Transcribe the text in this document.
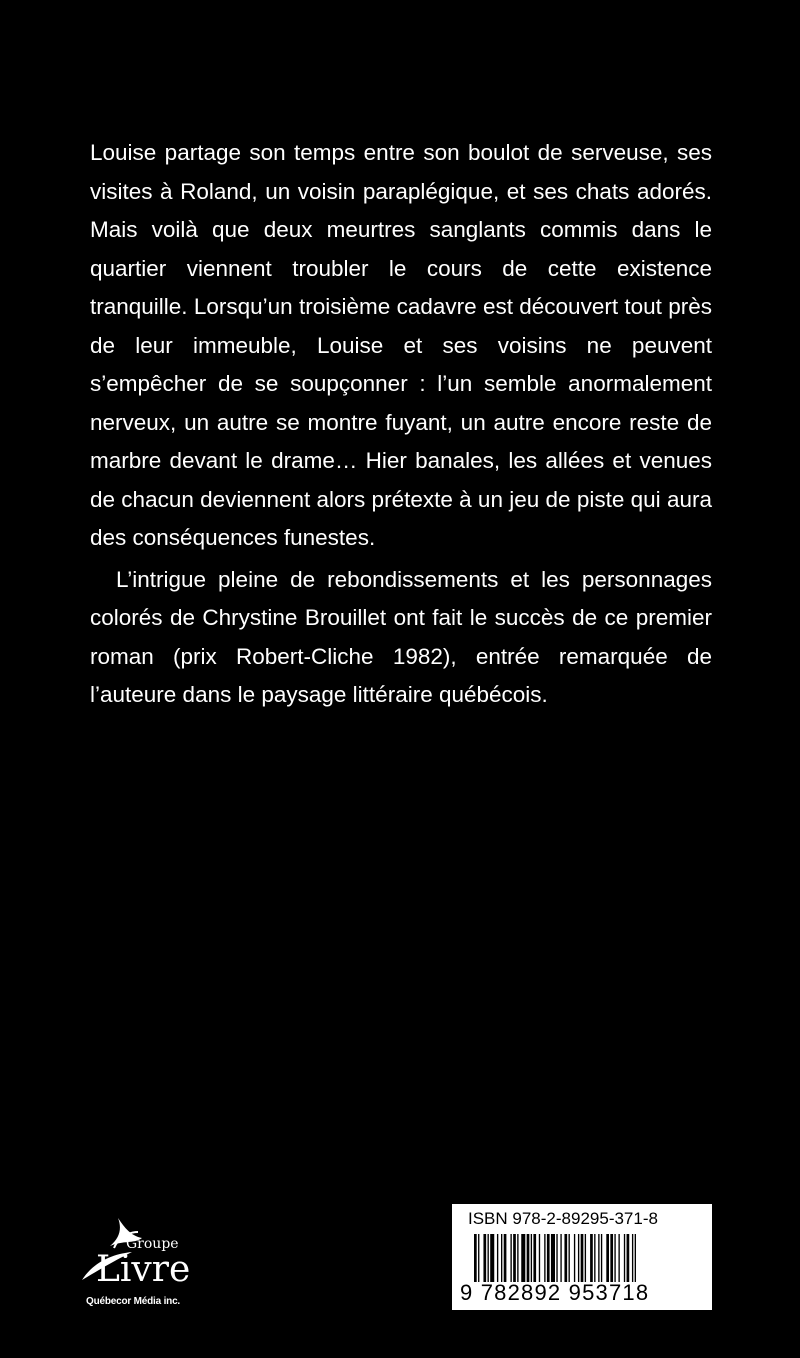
Louise partage son temps entre son boulot de serveuse, ses visites à Roland, un voisin paraplégique, et ses chats adorés. Mais voilà que deux meurtres sanglants commis dans le quartier viennent troubler le cours de cette existence tranquille. Lorsqu’un troisième cadavre est découvert tout près de leur immeuble, Louise et ses voisins ne peuvent s’empêcher de se soupçonner : l’un semble anormalement nerveux, un autre se montre fuyant, un autre encore reste de marbre devant le drame… Hier banales, les allées et venues de chacun deviennent alors prétexte à un jeu de piste qui aura des conséquences funestes.

L’intrigue pleine de rebondissements et les personnages colorés de Chrystine Brouillet ont fait le succès de ce premier roman (prix Robert-Cliche 1982), entrée remarquée de l’auteure dans le paysage littéraire québécois.

Groupe
Livre
Québecor Média inc.
ISBN 978-2-89295-371-8
9 782892 953718
